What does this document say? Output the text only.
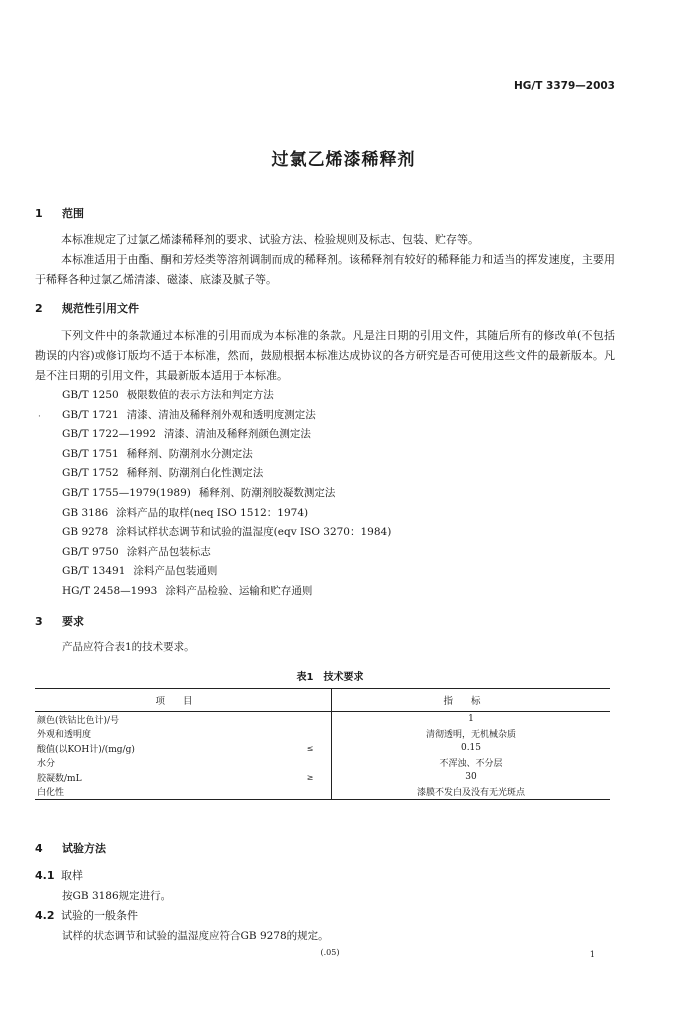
HG/T 3379—2003
过氯乙烯漆稀释剂
1 范围
本标准规定了过氯乙烯漆稀释剂的要求、试验方法、检验规则及标志、包装、贮存等。
本标准适用于由酯、酮和芳烃类等溶剂调制而成的稀释剂。该稀释剂有较好的稀释能力和适当的挥发速度，主要用于稀释各种过氯乙烯清漆、磁漆、底漆及腻子等。
2 规范性引用文件
下列文件中的条款通过本标准的引用而成为本标准的条款。凡是注日期的引用文件，其随后所有的修改单(不包括勘误的内容)或修订版均不适于本标准，然而，鼓励根据本标准达成协议的各方研究是否可使用这些文件的最新版本。凡是不注日期的引用文件，其最新版本适用于本标准。
·
GB/T 1250 极限数值的表示方法和判定方法
GB/T 1721 清漆、清油及稀释剂外观和透明度测定法
GB/T 1722—1992 清漆、清油及稀释剂颜色测定法
GB/T 1751 稀释剂、防潮剂水分测定法
GB/T 1752 稀释剂、防潮剂白化性测定法
GB/T 1755—1979(1989) 稀释剂、防潮剂胶凝数测定法
GB 3186 涂料产品的取样(neq ISO 1512：1974)
GB 9278 涂料试样状态调节和试验的温湿度(eqv ISO 3270：1984)
GB/T 9750 涂料产品包装标志
GB/T 13491 涂料产品包装通则
HG/T 2458—1993 涂料产品检验、运输和贮存通则
3 要求
产品应符合表1的技术要求。
表1　技术要求
项目		指标
颜色(铁钴比色计)/号		1
外观和透明度		清彻透明，无机械杂质
酸值(以KOH计)/(mg/g)	≤	0.15
水分		不浑浊、不分层
胶凝数/mL	≥	30
白化性		漆膜不发白及没有无光斑点
4 试验方法
4.1 取样
按GB 3186规定进行。
4.2 试验的一般条件
试样的状态调节和试验的温湿度应符合GB 9278的规定。
(.05)	1
